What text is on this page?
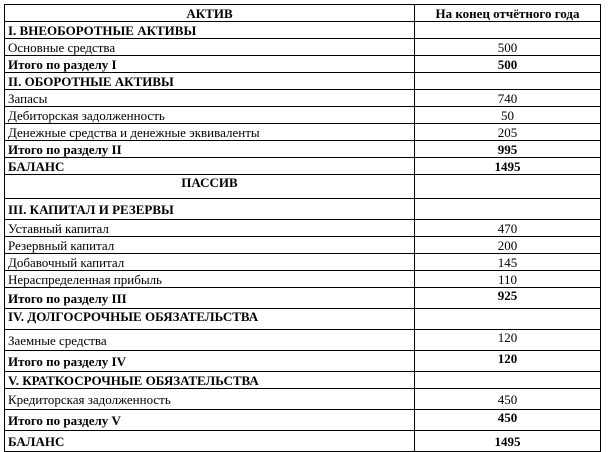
АКТИВ	На конец отчётного года
I. ВНЕОБОРОТНЫЕ АКТИВЫ	
Основные средства	500
Итого по разделу I	500
II. ОБОРОТНЫЕ АКТИВЫ	
Запасы	740
Дебиторская задолженность	50
Денежные средства и денежные эквиваленты	205
Итого по разделу II	995
БАЛАНС	1495
ПАССИВ	
III. КАПИТАЛ И РЕЗЕРВЫ	
Уставный капитал	470
Резервный капитал	200
Добавочный капитал	145
Нераспределенная прибыль	110
Итого по разделу III	925
IV. ДОЛГОСРОЧНЫЕ ОБЯЗАТЕЛЬСТВА	
Заемные средства	120
Итого по разделу IV	120
V. КРАТКОСРОЧНЫЕ ОБЯЗАТЕЛЬСТВА	
Кредиторская задолженность	450
Итого по разделу V	450
БАЛАНС	1495
